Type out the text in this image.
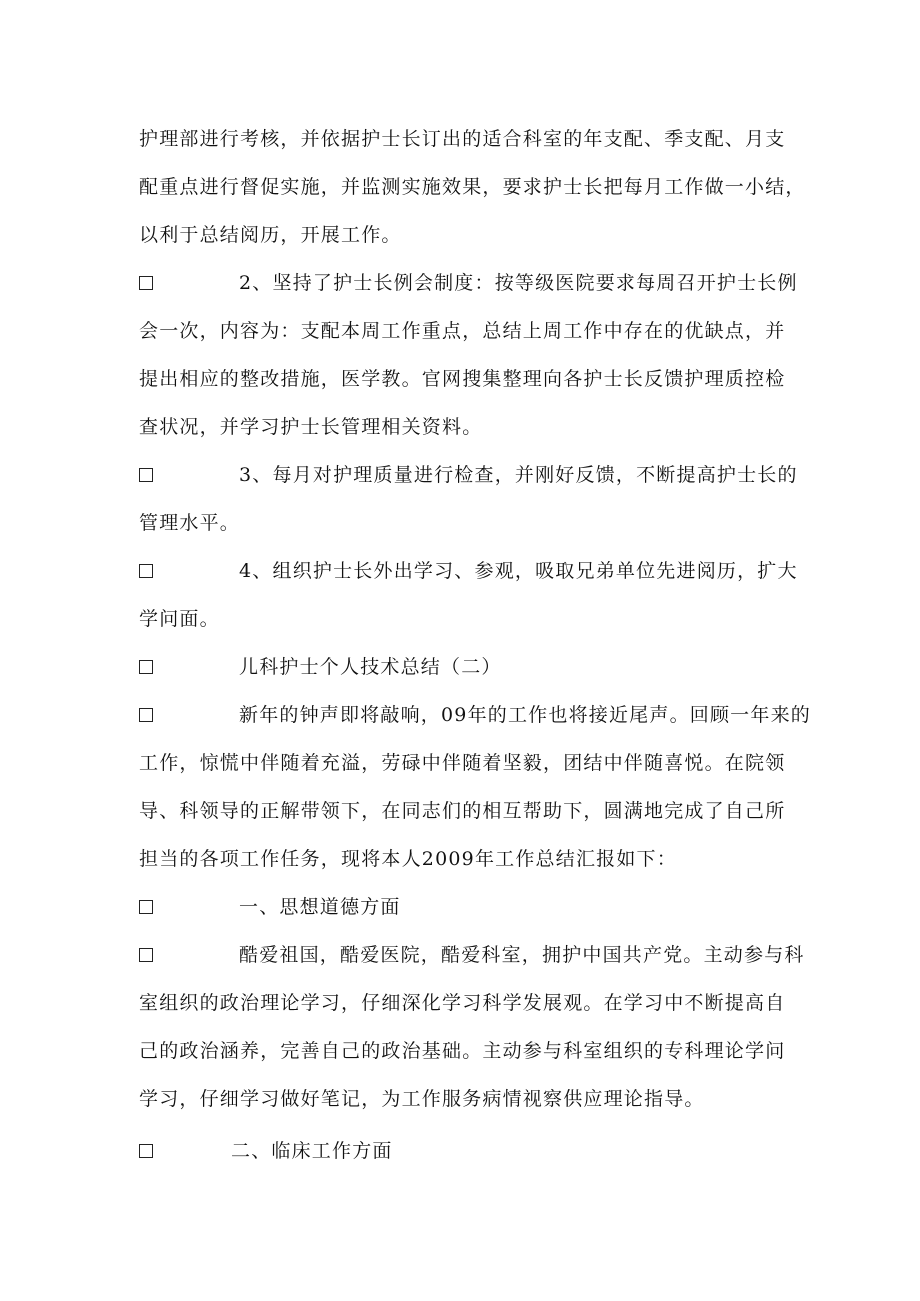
护理部进行考核，并依据护士长订出的适合科室的年支配、季支配、月支
配重点进行督促实施，并监测实施效果，要求护士长把每月工作做一小结，
以利于总结阅历，开展工作。
2、坚持了护士长例会制度：按等级医院要求每周召开护士长例
会一次，内容为：支配本周工作重点，总结上周工作中存在的优缺点，并
提出相应的整改措施，医学教。官网搜集整理向各护士长反馈护理质控检
查状况，并学习护士长管理相关资料。
3、每月对护理质量进行检查，并刚好反馈，不断提高护士长的
管理水平。
4、组织护士长外出学习、参观，吸取兄弟单位先进阅历，扩大
学问面。
儿科护士个人技术总结（二）
新年的钟声即将敲响，09年的工作也将接近尾声。回顾一年来的
工作，惊慌中伴随着充溢，劳碌中伴随着坚毅，团结中伴随喜悦。在院领
导、科领导的正解带领下，在同志们的相互帮助下，圆满地完成了自己所
担当的各项工作任务，现将本人2009年工作总结汇报如下：
一、思想道德方面
酷爱祖国，酷爱医院，酷爱科室，拥护中国共产党。主动参与科
室组织的政治理论学习，仔细深化学习科学发展观。在学习中不断提高自
己的政治涵养，完善自己的政治基础。主动参与科室组织的专科理论学问
学习，仔细学习做好笔记，为工作服务病情视察供应理论指导。
二、临床工作方面
